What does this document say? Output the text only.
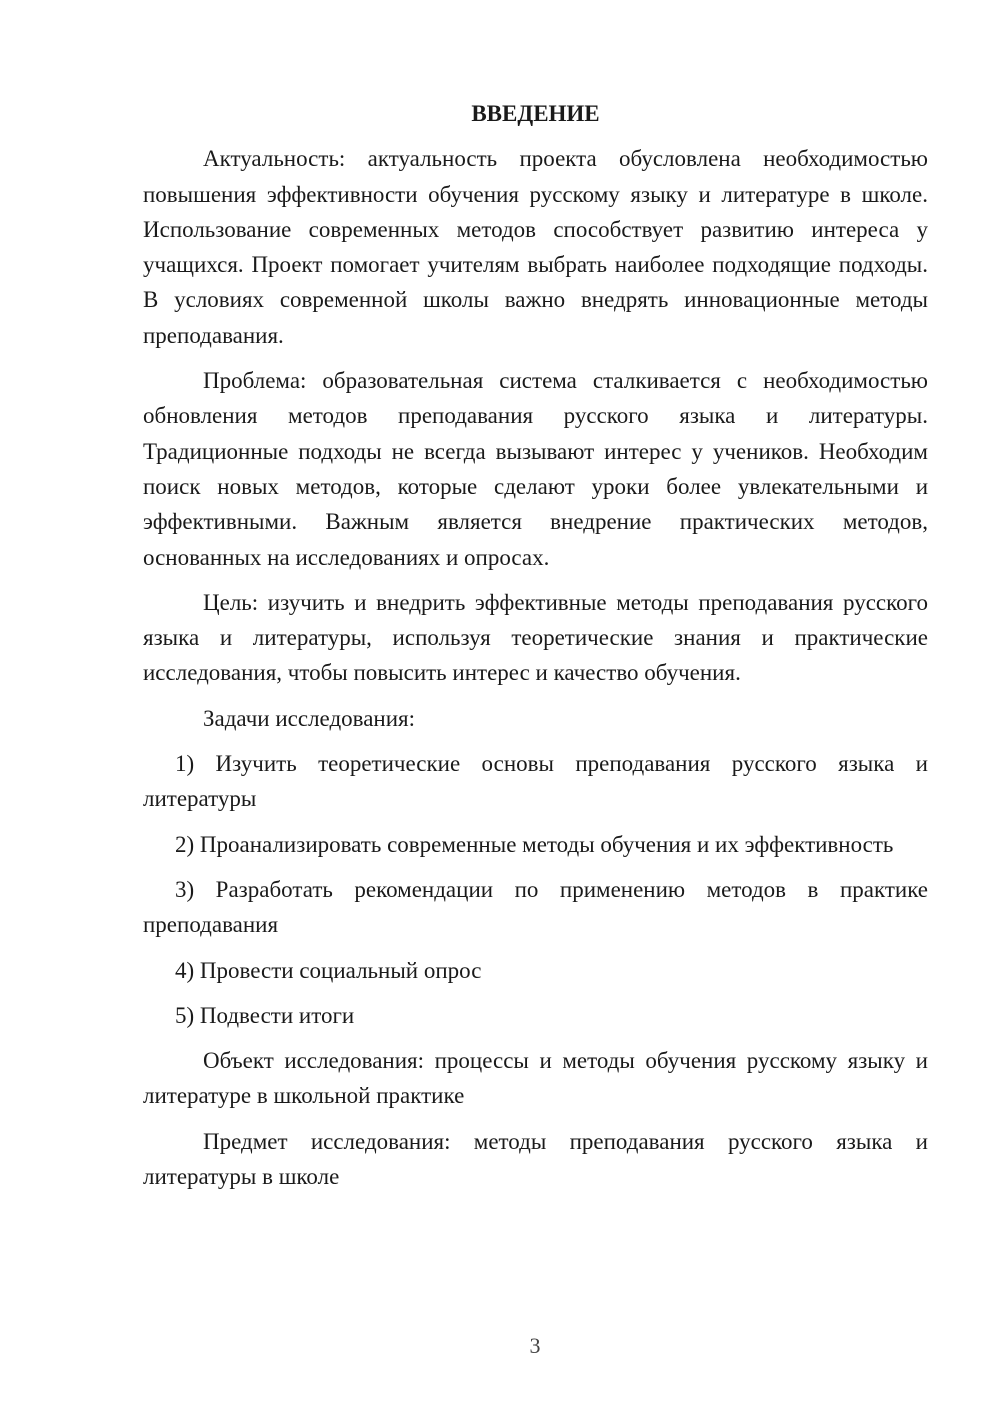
ВВЕДЕНИЕ

Актуальность: актуальность проекта обусловлена необходимостью повышения эффективности обучения русскому языку и литературе в школе. Использование современных методов способствует развитию интереса у учащихся. Проект помогает учителям выбрать наиболее подходящие подходы. В условиях современной школы важно внедрять инновационные методы преподавания.

Проблема: образовательная система сталкивается с необходимостью обновления методов преподавания русского языка и литературы. Традиционные подходы не всегда вызывают интерес у учеников. Необходим поиск новых методов, которые сделают уроки более увлекательными и эффективными. Важным является внедрение практических методов, основанных на исследованиях и опросах.

Цель: изучить и внедрить эффективные методы преподавания русского языка и литературы, используя теоретические знания и практические исследования, чтобы повысить интерес и качество обучения.

Задачи исследования:

1) Изучить теоретические основы преподавания русского языка и литературы

2) Проанализировать современные методы обучения и их эффективность

3) Разработать рекомендации по применению методов в практике преподавания

4) Провести социальный опрос

5) Подвести итоги

Объект исследования: процессы и методы обучения русскому языку и литературе в школьной практике

Предмет исследования: методы преподавания русского языка и литературы в школе

3
